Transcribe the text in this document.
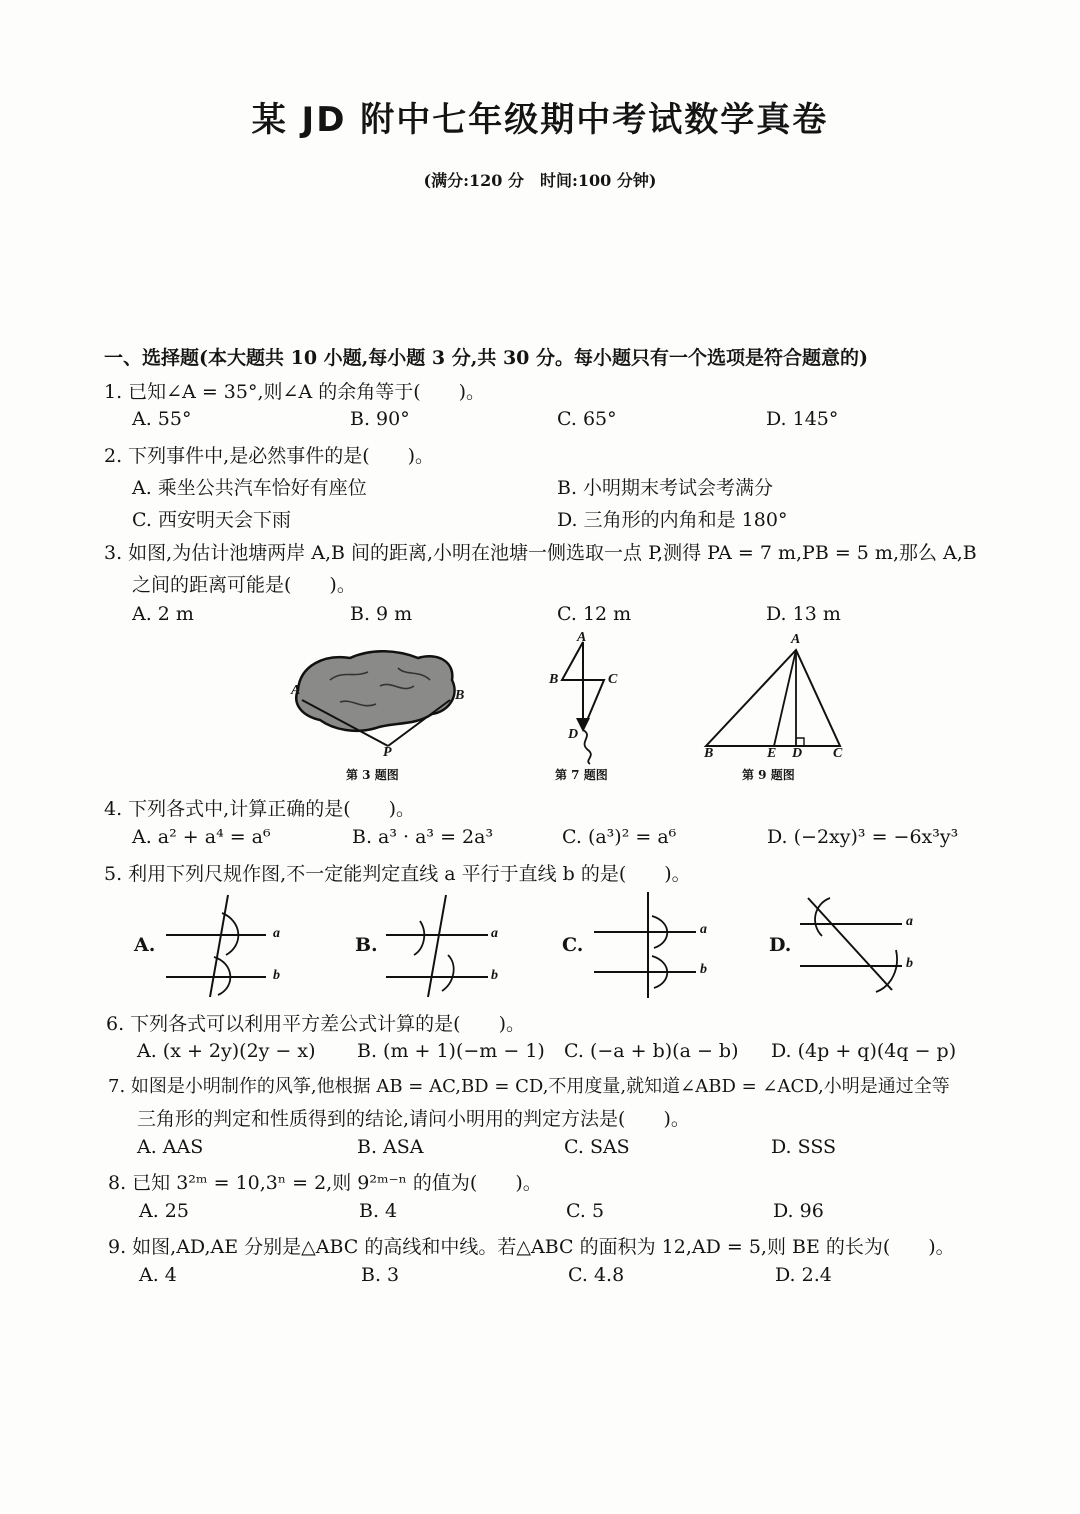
某 JD 附中七年级期中考试数学真卷
(满分:120 分　时间:100 分钟)
一、选择题(本大题共 10 小题,每小题 3 分,共 30 分。每小题只有一个选项是符合题意的)
1. 已知∠A = 35°,则∠A 的余角等于(　　)。
A. 55°	B. 90°	C. 65°	D. 145°
2. 下列事件中,是必然事件的是(　　)。
A. 乘坐公共汽车恰好有座位	B. 小明期末考试会考满分
C. 西安明天会下雨	D. 三角形的内角和是 180°
3. 如图,为估计池塘两岸 A,B 间的距离,小明在池塘一侧选取一点 P,测得 PA = 7 m,PB = 5 m,那么 A,B
之间的距离可能是(　　)。
A. 2 m	B. 9 m	C. 12 m	D. 13 m
A	B
P
第 3 题图
A
B	C
D
第 7 题图
A
B	E D C
第 9 题图
4. 下列各式中,计算正确的是(　　)。
A. a² + a⁴ = a⁶	B. a³ · a³ = 2a³	C. (a³)² = a⁶	D. (−2xy)³ = −6x³y³
5. 利用下列尺规作图,不一定能判定直线 a 平行于直线 b 的是(　　)。
A.
a
b
B.
a
b
C.
a
b
D.
a
b
6. 下列各式可以利用平方差公式计算的是(　　)。
A. (x + 2y)(2y − x) B. (m + 1)(−m − 1) C. (−a + b)(a − b) D. (4p + q)(4q − p)
7. 如图是小明制作的风筝,他根据 AB = AC,BD = CD,不用度量,就知道∠ABD = ∠ACD,小明是通过全等
三角形的判定和性质得到的结论,请问小明用的判定方法是(　　)。
A. AAS	B. ASA	C. SAS	D. SSS
8. 已知 3²ᵐ = 10,3ⁿ = 2,则 9²ᵐ⁻ⁿ 的值为(　　)。
A. 25	B. 4	C. 5	D. 96
9. 如图,AD,AE 分别是△ABC 的高线和中线。若△ABC 的面积为 12,AD = 5,则 BE 的长为(　　)。
A. 4	B. 3	C. 4.8	D. 2.4
